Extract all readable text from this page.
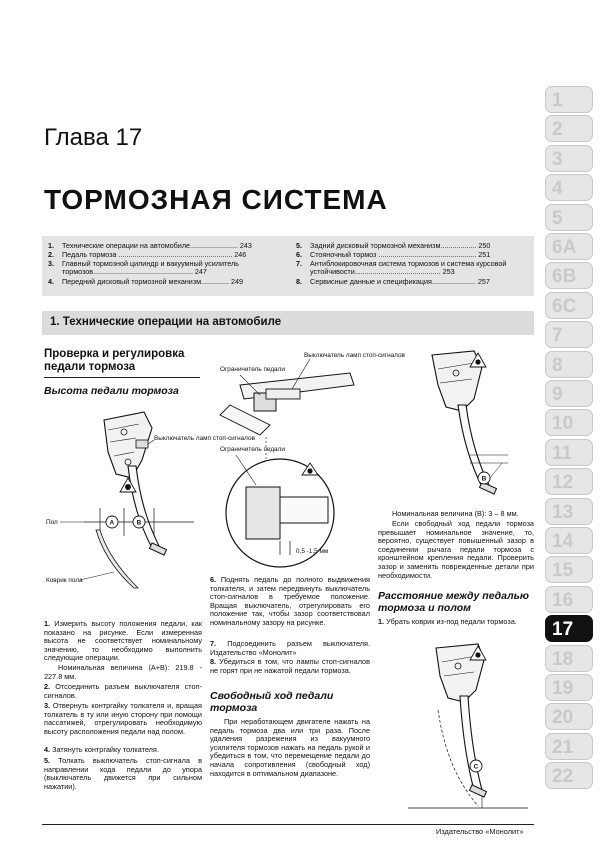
1
2
3
4
5
6A
6B
6C
7
8
9
10
11
12
13
14
15
16
17
18
19
20
21
22
Глава 17
ТОРМОЗНАЯ СИСТЕМА
1.	Технические операции на автомобиле........................ 243
2.	Педаль тормоза ......................................................... 246
3.	Главный тормозной цилиндр и вакуумный усилитель тормозов.................................................. 247
4.	Передний дисковый тормозной механизм.............. 249
5.	Задний дисковый тормозной механизм.................. 250
6.	Стояночный тормоз ................................................. 251
7.	Антиблокировочная система тормозов и система курсовой устойчивости........................................... 253
8.	Сервисные данные и спецификация...................... 257
1. Технические операции на автомобиле
Проверка и регулировка педали тормоза
Высота педали тормоза
Выключатель ламп стоп-сигналов
A	B
Пол
Коврик пола
1. Измерить высоту положения педали, как показано на рисунке. Если измеренная высота не соответствует номинальному значению, то необходимо выполнить следующие операции.
Номинальная величина (A+B): 219.8 - 227.8 мм.
2. Отсоединить разъем выключателя стоп-сигналов.
3. Отвернуть контргайку толкателя и, вращая толкатель в ту или иную сторону при помощи пассатижей, отрегулировать необходимую высоту расположения педали над полом.
4. Затянуть контргайку толкателя.
5. Толкать выключатель стоп-сигнала в направлении хода педали до упора (выключатель движется при сильном нажатии).
Выключатель ламп стоп-сигналов
Ограничитель педали
0,5 -1,5 мм
Ограничитель педали
6. Поднять педаль до полного выдвижения толкателя, и затем передвинуть выключатель стоп-сигналов в требуемое положение. Вращая выключатель, отрегулировать его положение так, чтобы зазор соответствовал номинальному зазору на рисунке.
7. Подсоединить разъем выключателя. Издательство «Монолит»
8. Убедиться в том, что лампы стоп-сигналов не горят при не нажатой педали тормоза.
Свободный ход педали тормоза
При неработающем двигателе нажать на педаль тормоза два или три раза. После удаления разрежения из вакуумного усилителя тормозов нажать на педаль рукой и убедиться в том, что перемещение педали до начала сопротивления (свободный ход) находится в оптимальном диапазоне.
B
Номинальная величина (B): 3 – 8 мм.
Если свободный ход педали тормоза превышает номинальное значение, то, вероятно, существует повышенный зазор в соединении рычага педали тормоза с кронштейном крепления педали. Проверить зазор и заменить поврежденные детали при необходимости.
Расстояние между педалью тормоза и полом
1. Убрать коврик из-под педали тормоза.
C
Издательство «Монолит»
